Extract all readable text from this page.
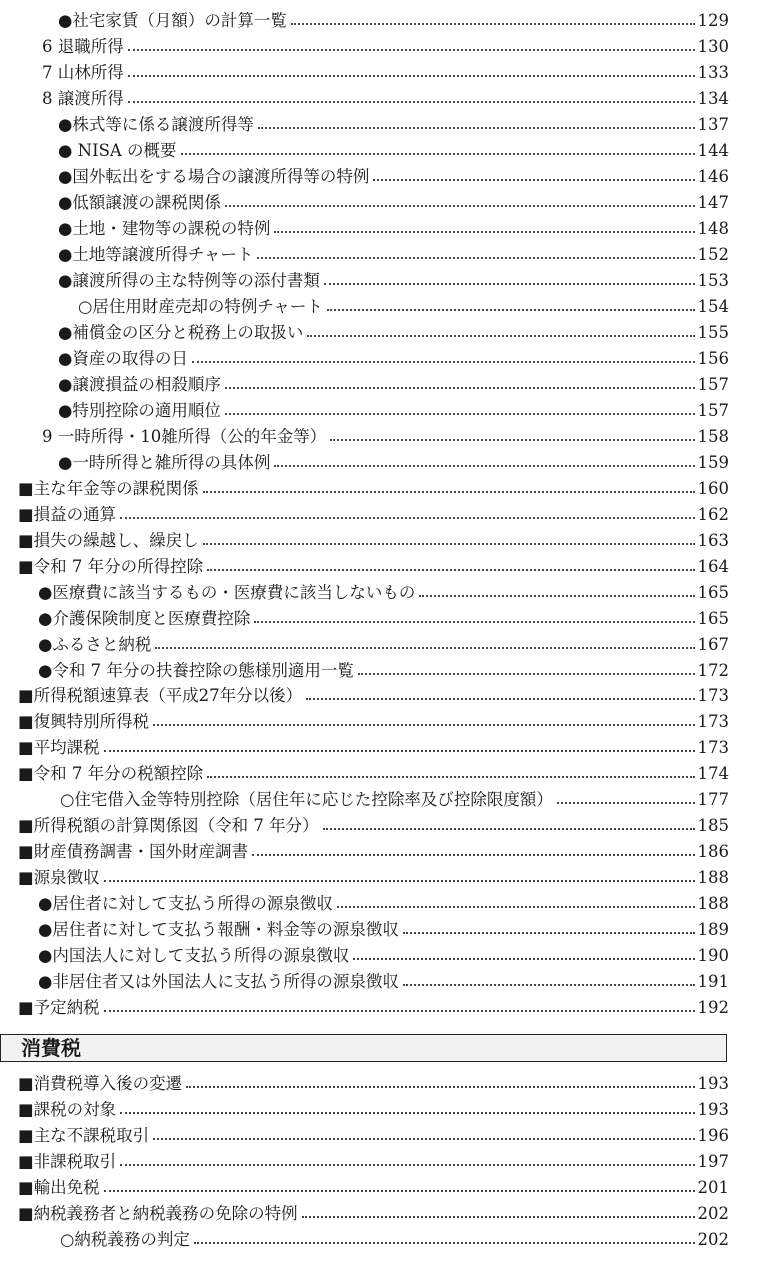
●社宅家賃（月額）の計算一覧	129
6 退職所得	130
7 山林所得	133
8 譲渡所得	134
●株式等に係る譲渡所得等	137
● NISA の概要	144
●国外転出をする場合の譲渡所得等の特例	146
●低額譲渡の課税関係	147
●土地・建物等の課税の特例	148
●土地等譲渡所得チャート	152
●譲渡所得の主な特例等の添付書類	153
○居住用財産売却の特例チャート	154
●補償金の区分と税務上の取扱い	155
●資産の取得の日	156
●譲渡損益の相殺順序	157
●特別控除の適用順位	157
9 一時所得・10雑所得（公的年金等）	158
●一時所得と雑所得の具体例	159
■主な年金等の課税関係	160
■損益の通算	162
■損失の繰越し、繰戻し	163
■令和 7 年分の所得控除	164
●医療費に該当するもの・医療費に該当しないもの	165
●介護保険制度と医療費控除	165
●ふるさと納税	167
●令和 7 年分の扶養控除の態様別適用一覧	172
■所得税額速算表（平成27年分以後）	173
■復興特別所得税	173
■平均課税	173
■令和 7 年分の税額控除	174
○住宅借入金等特別控除（居住年に応じた控除率及び控除限度額）	177
■所得税額の計算関係図（令和 7 年分）	185
■財産債務調書・国外財産調書	186
■源泉徴収	188
●居住者に対して支払う所得の源泉徴収	188
●居住者に対して支払う報酬・料金等の源泉徴収	189
●内国法人に対して支払う所得の源泉徴収	190
●非居住者又は外国法人に支払う所得の源泉徴収	191
■予定納税	192
消費税
■消費税導入後の変遷	193
■課税の対象	193
■主な不課税取引	196
■非課税取引	197
■輸出免税	201
■納税義務者と納税義務の免除の特例	202
○納税義務の判定	202
